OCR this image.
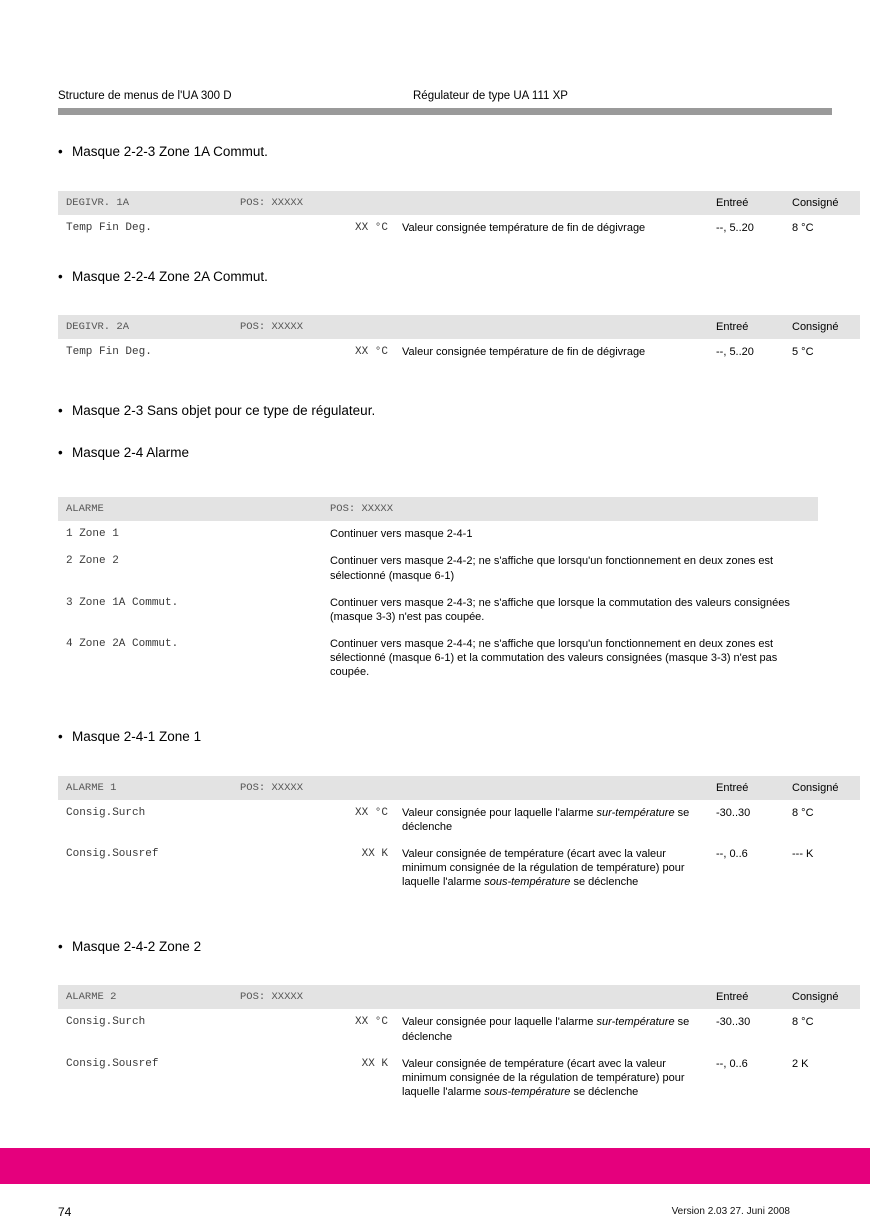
Structure de menus de l'UA 300 D	Régulateur de type UA 111 XP
• Masque 2-2-3 Zone 1A Commut.
DEGIVR. 1A	POS: XXXXX		Entreé	Consigné
Temp Fin Deg.	XX °C	Valeur consignée température de fin de dégivrage	--, 5..20	8 °C
• Masque 2-2-4 Zone 2A Commut.
DEGIVR. 2A	POS: XXXXX		Entreé	Consigné
Temp Fin Deg.	XX °C	Valeur consignée température de fin de dégivrage	--, 5..20	5 °C
• Masque 2-3 Sans objet pour ce type de régulateur.
• Masque 2-4 Alarme
ALARME	POS: XXXXX
1 Zone 1	Continuer vers masque 2-4-1
2 Zone 2	Continuer vers masque 2-4-2; ne s'affiche que lorsqu'un fonctionnement en deux zones est sélectionné (masque 6-1)
3 Zone 1A Commut.	Continuer vers masque 2-4-3; ne s'affiche que lorsque la commutation des valeurs consignées (masque 3-3) n'est pas coupée.
4 Zone 2A Commut.	Continuer vers masque 2-4-4; ne s'affiche que lorsqu'un fonctionnement en deux zones est sélectionné (masque 6-1) et la commutation des valeurs consignées (masque 3-3) n'est pas coupée.
• Masque 2-4-1 Zone 1
ALARME 1	POS: XXXXX		Entreé	Consigné
Consig.Surch	XX °C	Valeur consignée pour laquelle l'alarme sur-température se déclenche	-30..30	8 °C
Consig.Sousref	XX K	Valeur consignée de température (écart avec la valeur minimum consignée de la régulation de température) pour laquelle l'alarme sous-température se déclenche	--, 0..6	--- K
• Masque 2-4-2 Zone 2
ALARME 2	POS: XXXXX		Entreé	Consigné
Consig.Surch	XX °C	Valeur consignée pour laquelle l'alarme sur-température se déclenche	-30..30	8 °C
Consig.Sousref	XX K	Valeur consignée de température (écart avec la valeur minimum consignée de la régulation de température) pour laquelle l'alarme sous-température se déclenche	--, 0..6	2 K
74	Version 2.03 27. Juni 2008
